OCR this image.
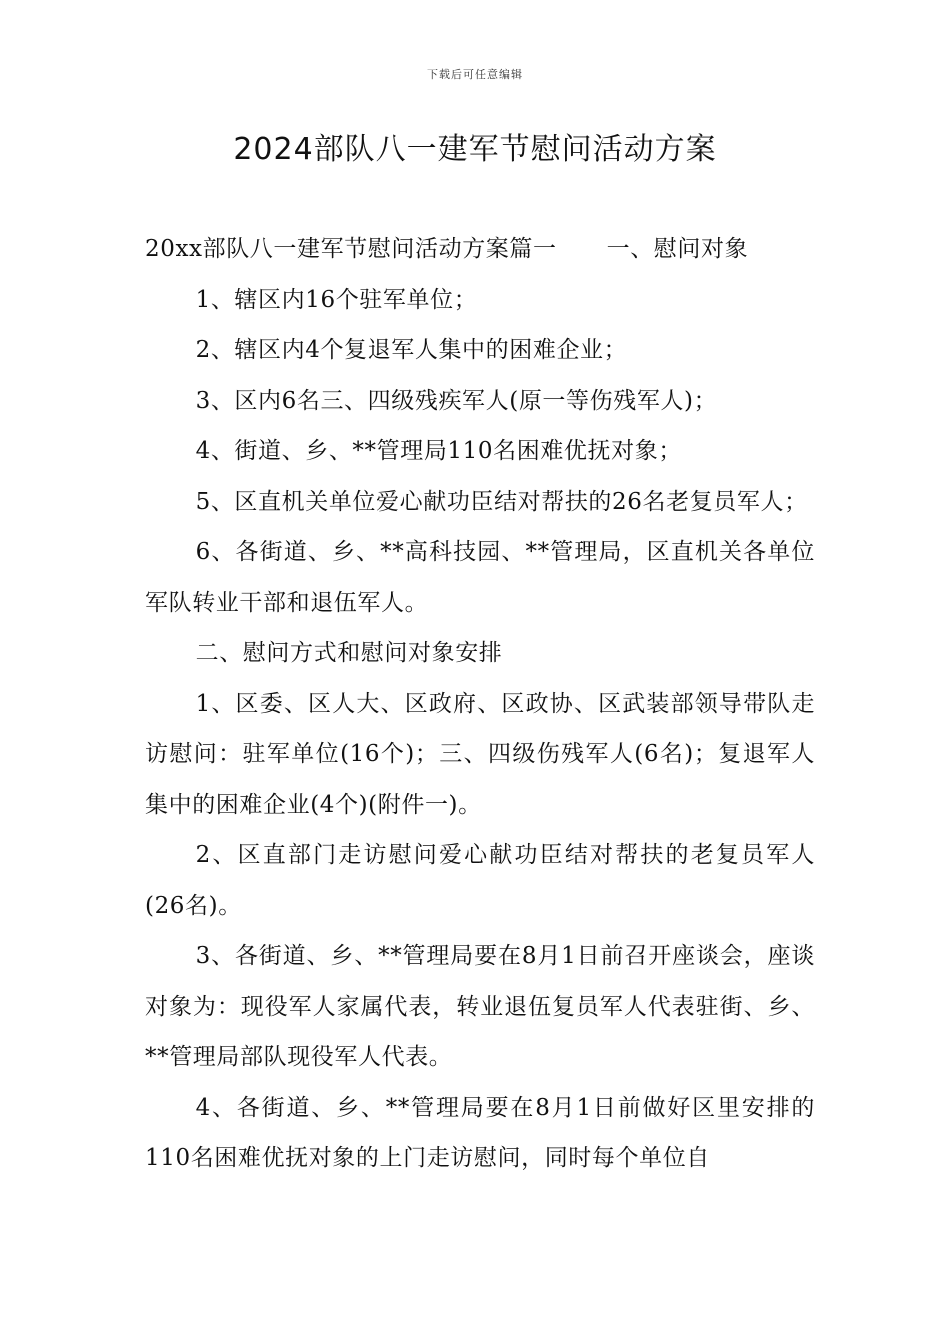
下载后可任意编辑
2024部队八一建军节慰问活动方案

20xx部队八一建军节慰问活动方案篇一 一、慰问对象

1、辖区内16个驻军单位；

2、辖区内4个复退军人集中的困难企业；

3、区内6名三、四级残疾军人(原一等伤残军人)；

4、街道、乡、**管理局110名困难优抚对象；

5、区直机关单位爱心献功臣结对帮扶的26名老复员军人；

6、各街道、乡、**高科技园、**管理局，区直机关各单位军队转业干部和退伍军人。

二、慰问方式和慰问对象安排

1、区委、区人大、区政府、区政协、区武装部领导带队走访慰问：驻军单位(16个)；三、四级伤残军人(6名)；复退军人集中的困难企业(4个)(附件一)。

2、区直部门走访慰问爱心献功臣结对帮扶的老复员军人(26名)。

3、各街道、乡、**管理局要在8月1日前召开座谈会，座谈对象为：现役军人家属代表，转业退伍复员军人代表驻街、乡、**管理局部队现役军人代表。

4、各街道、乡、**管理局要在8月1日前做好区里安排的110名困难优抚对象的上门走访慰问，同时每个单位自
